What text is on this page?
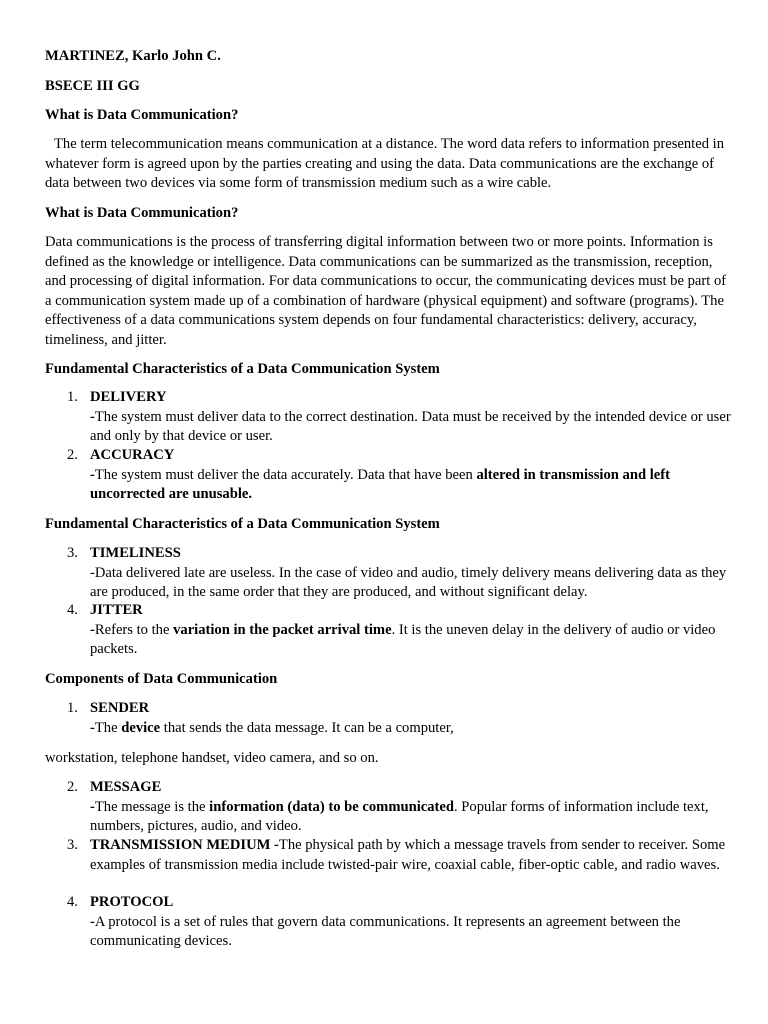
MARTINEZ, Karlo John C.

BSECE III GG

What is Data Communication?

The term telecommunication means communication at a distance. The word data refers to information presented in whatever form is agreed upon by the parties creating and using the data. Data communications are the exchange of data between two devices via some form of transmission medium such as a wire cable.

What is Data Communication?

Data communications is the process of transferring digital information between two or more points. Information is defined as the knowledge or intelligence. Data communications can be summarized as the transmission, reception, and processing of digital information. For data communications to occur, the communicating devices must be part of a communication system made up of a combination of hardware (physical equipment) and software (programs). The effectiveness of a data communications system depends on four fundamental characteristics: delivery, accuracy, timeliness, and jitter.

Fundamental Characteristics of a Data Communication System

1. DELIVERY
-The system must deliver data to the correct destination. Data must be received by the intended device or user and only by that device or user.
2. ACCURACY
-The system must deliver the data accurately. Data that have been altered in transmission and left uncorrected are unusable.

Fundamental Characteristics of a Data Communication System

3. TIMELINESS
-Data delivered late are useless. In the case of video and audio, timely delivery means delivering data as they are produced, in the same order that they are produced, and without significant delay.
4. JITTER
-Refers to the variation in the packet arrival time. It is the uneven delay in the delivery of audio or video packets.

Components of Data Communication

1. SENDER
-The device that sends the data message. It can be a computer,

workstation, telephone handset, video camera, and so on.

2. MESSAGE
-The message is the information (data) to be communicated. Popular forms of information include text, numbers, pictures, audio, and video.
3. TRANSMISSION MEDIUM -The physical path by which a message travels from sender to receiver. Some examples of transmission media include twisted-pair wire, coaxial cable, fiber-optic cable, and radio waves.
4. PROTOCOL
-A protocol is a set of rules that govern data communications. It represents an agreement between the communicating devices.
